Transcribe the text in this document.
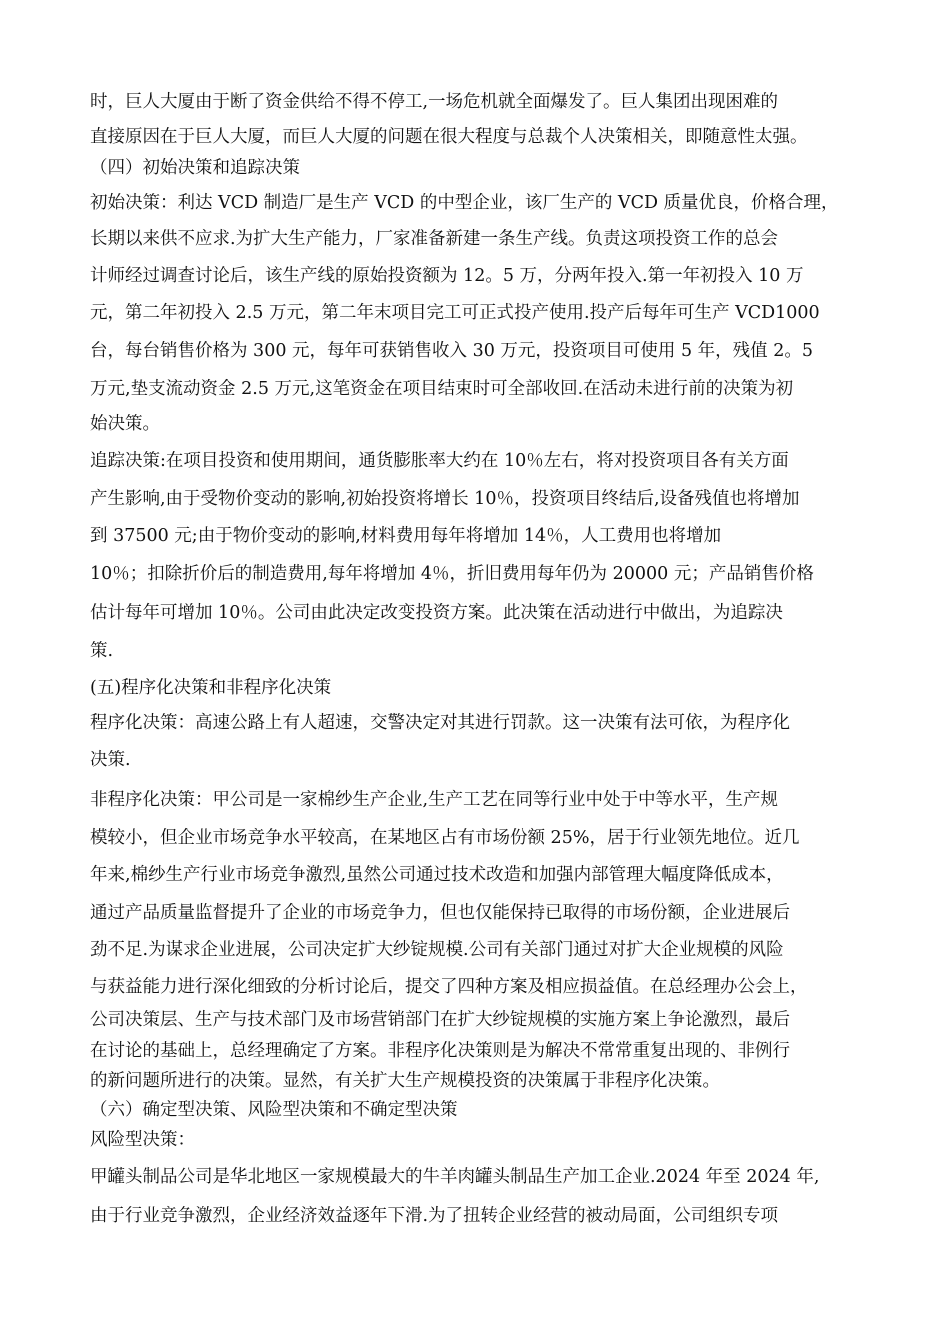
时，巨人大厦由于断了资金供给不得不停工,一场危机就全面爆发了。巨人集团出现困难的
直接原因在于巨人大厦，而巨人大厦的问题在很大程度与总裁个人决策相关，即随意性太强。
（四）初始决策和追踪决策
初始决策：利达 VCD 制造厂是生产 VCD 的中型企业，该厂生产的 VCD 质量优良，价格合理，
长期以来供不应求.为扩大生产能力，厂家准备新建一条生产线。负责这项投资工作的总会
计师经过调查讨论后，该生产线的原始投资额为 12。5 万，分两年投入.第一年初投入 10 万
元，第二年初投入 2.5 万元，第二年末项目完工可正式投产使用.投产后每年可生产 VCD1000
台，每台销售价格为 300 元，每年可获销售收入 30 万元，投资项目可使用 5 年，残值 2。5
万元,垫支流动资金 2.5 万元,这笔资金在项目结束时可全部收回.在活动未进行前的决策为初
始决策。
追踪决策:在项目投资和使用期间，通货膨胀率大约在 10％左右，将对投资项目各有关方面
产生影响,由于受物价变动的影响,初始投资将增长 10％，投资项目终结后,设备残值也将增加
到 37500 元;由于物价变动的影响,材料费用每年将增加 14％，人工费用也将增加
10％；扣除折价后的制造费用,每年将增加 4％，折旧费用每年仍为 20000 元；产品销售价格
估计每年可增加 10％。公司由此决定改变投资方案。此决策在活动进行中做出，为追踪决
策.
(五)程序化决策和非程序化决策
程序化决策：高速公路上有人超速，交警决定对其进行罚款。这一决策有法可依，为程序化
决策.
非程序化决策：甲公司是一家棉纱生产企业,生产工艺在同等行业中处于中等水平，生产规
模较小，但企业市场竞争水平较高，在某地区占有市场份额 25%，居于行业领先地位。近几
年来,棉纱生产行业市场竞争激烈,虽然公司通过技术改造和加强内部管理大幅度降低成本，
通过产品质量监督提升了企业的市场竞争力，但也仅能保持已取得的市场份额，企业进展后
劲不足.为谋求企业进展，公司决定扩大纱锭规模.公司有关部门通过对扩大企业规模的风险
与获益能力进行深化细致的分析讨论后，提交了四种方案及相应损益值。在总经理办公会上，
公司决策层、生产与技术部门及市场营销部门在扩大纱锭规模的实施方案上争论激烈，最后
在讨论的基础上，总经理确定了方案。非程序化决策则是为解决不常常重复出现的、非例行
的新问题所进行的决策。显然，有关扩大生产规模投资的决策属于非程序化决策。
（六）确定型决策、风险型决策和不确定型决策
风险型决策：
甲罐头制品公司是华北地区一家规模最大的牛羊肉罐头制品生产加工企业.2024 年至 2024 年,
由于行业竞争激烈，企业经济效益逐年下滑.为了扭转企业经营的被动局面，公司组织专项
